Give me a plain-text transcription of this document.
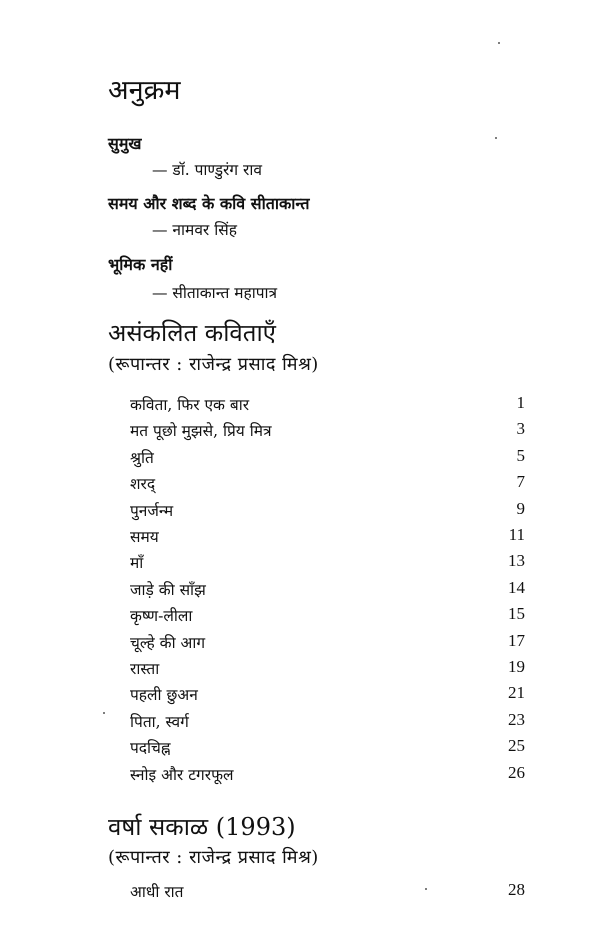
अनुक्रम
सुमुख
— डॉ. पाण्डुरंग राव
समय और शब्द के कवि सीताकान्त
— नामवर सिंह
भूमिक नहीं
— सीताकान्त महापात्र
असंकलित कविताएँ
(रूपान्तर : राजेन्द्र प्रसाद मिश्र)
कविता, फिर एक बार	1
मत पूछो मुझसे, प्रिय मित्र	3
श्रुति	5
शरद्	7
पुनर्जन्म	9
समय	11
माँ	13
जाड़े की साँझ	14
कृष्ण-लीला	15
चूल्हे की आग	17
रास्ता	19
पहली छुअन	21
पिता, स्वर्ग	23
पदचिह्न	25
स्नोइ और टगरफूल	26
वर्षा सकाळ (1993)
(रूपान्तर : राजेन्द्र प्रसाद मिश्र)
आधी रात	28
